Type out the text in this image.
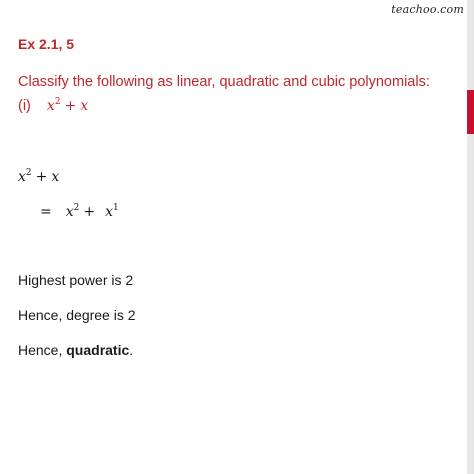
teachoo.com
Ex 2.1, 5
Classify the following as linear, quadratic and cubic polynomials:
(i) $x^2 + x$
$x^2 + x$
= $x^2 + x^1$
Highest power is 2
Hence, degree is 2
Hence, quadratic.
